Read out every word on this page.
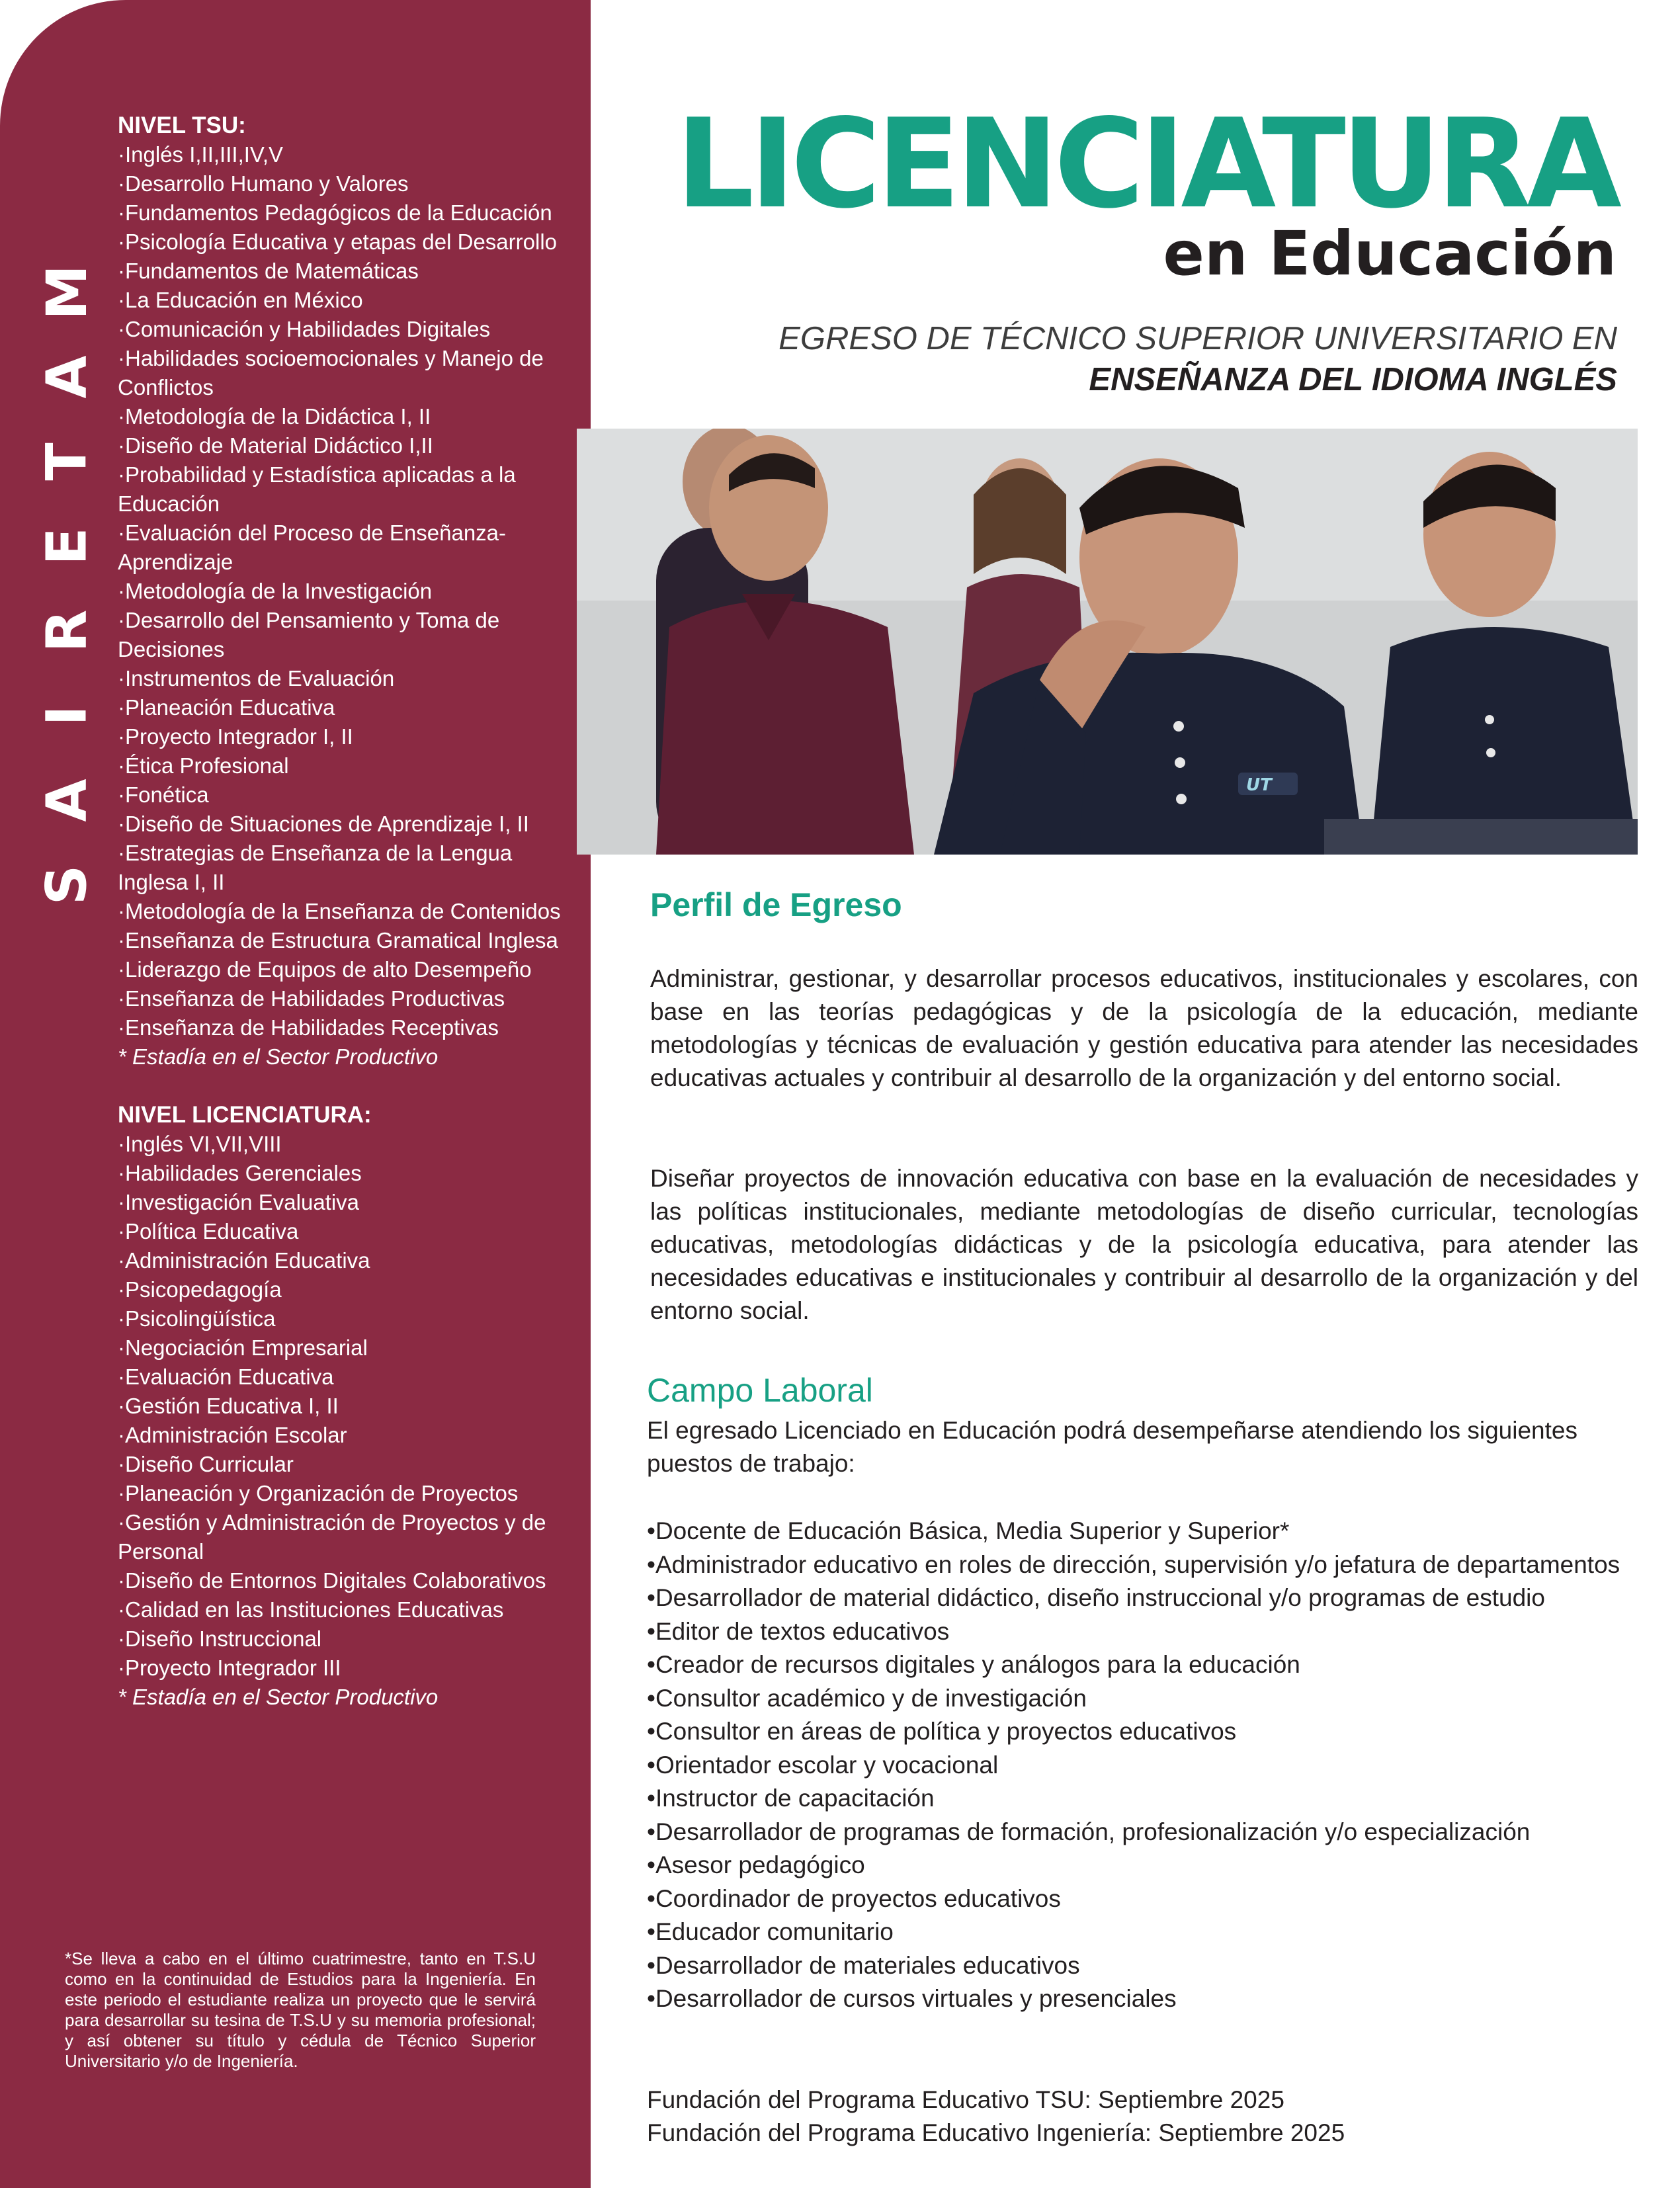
M
A
T
E
R
I
A
S
NIVEL TSU:
·Inglés I,II,III,IV,V
·Desarrollo Humano y Valores
·Fundamentos Pedagógicos de la Educación
·Psicología Educativa y etapas del Desarrollo
·Fundamentos de Matemáticas
·La Educación en México
·Comunicación y Habilidades Digitales
·Habilidades socioemocionales y Manejo de Conflictos
·Metodología de la Didáctica I, II
·Diseño de Material Didáctico I,II
·Probabilidad y Estadística aplicadas a la Educación
·Evaluación del Proceso de Enseñanza-Aprendizaje
·Metodología de la Investigación
·Desarrollo del Pensamiento y Toma de Decisiones
·Instrumentos de Evaluación
·Planeación Educativa
·Proyecto Integrador I, II
·Ética Profesional
·Fonética
·Diseño de Situaciones de Aprendizaje I, II
·Estrategias de Enseñanza de la Lengua Inglesa I, II
·Metodología de la Enseñanza de Contenidos
·Enseñanza de Estructura Gramatical Inglesa
·Liderazgo de Equipos de alto Desempeño
·Enseñanza de Habilidades Productivas
·Enseñanza de Habilidades Receptivas
* Estadía en el Sector Productivo
NIVEL LICENCIATURA:
·Inglés VI,VII,VIII
·Habilidades Gerenciales
·Investigación Evaluativa
·Política Educativa
·Administración Educativa
·Psicopedagogía
·Psicolingüística
·Negociación Empresarial
·Evaluación Educativa
·Gestión Educativa I, II
·Administración Escolar
·Diseño Curricular
·Planeación y Organización de Proyectos
·Gestión y Administración de Proyectos y de Personal
·Diseño de Entornos Digitales Colaborativos
·Calidad en las Instituciones Educativas
·Diseño Instruccional
·Proyecto Integrador III
* Estadía en el Sector Productivo

*Se lleva a cabo en el último cuatrimestre, tanto en T.S.U como en la continuidad de Estudios para la Ingeniería. En este periodo el estudiante realiza un proyecto que le servirá para desarrollar su tesina de T.S.U y su memoria profesional; y así obtener su título y cédula de Técnico Superior Universitario y/o de Ingeniería.

LICENCIATURA
en Educación
EGRESO DE TÉCNICO SUPERIOR UNIVERSITARIO EN
ENSEÑANZA DEL IDIOMA INGLÉS
UT
Perfil de Egreso

Administrar, gestionar, y desarrollar procesos educativos, institucionales y escolares, con base en las teorías pedagógicas y de la psicología de la educación, mediante metodologías y técnicas de evaluación y gestión educativa para atender las necesidades educativas actuales y contribuir al desarrollo de la organización y del entorno social.

Diseñar proyectos de innovación educativa con base en la evaluación de necesidades y las políticas institucionales, mediante metodologías de diseño curricular, tecnologías educativas, metodologías didácticas y de la psicología educativa, para atender las necesidades educativas e institucionales y contribuir al desarrollo de la organización y del entorno social.

Campo Laboral

El egresado Licenciado en Educación podrá desempeñarse atendiendo los siguientes puestos de trabajo:

•Docente de Educación Básica, Media Superior y Superior*
•Administrador educativo en roles de dirección, supervisión y/o jefatura de departamentos
•Desarrollador de material didáctico, diseño instruccional y/o programas de estudio
•Editor de textos educativos
•Creador de recursos digitales y análogos para la educación
•Consultor académico y de investigación
•Consultor en áreas de política y proyectos educativos
•Orientador escolar y vocacional
•Instructor de capacitación
•Desarrollador de programas de formación, profesionalización y/o especialización
•Asesor pedagógico
•Coordinador de proyectos educativos
•Educador comunitario
•Desarrollador de materiales educativos
•Desarrollador de cursos virtuales y presenciales
Fundación del Programa Educativo TSU: Septiembre 2025
Fundación del Programa Educativo Ingeniería: Septiembre 2025
